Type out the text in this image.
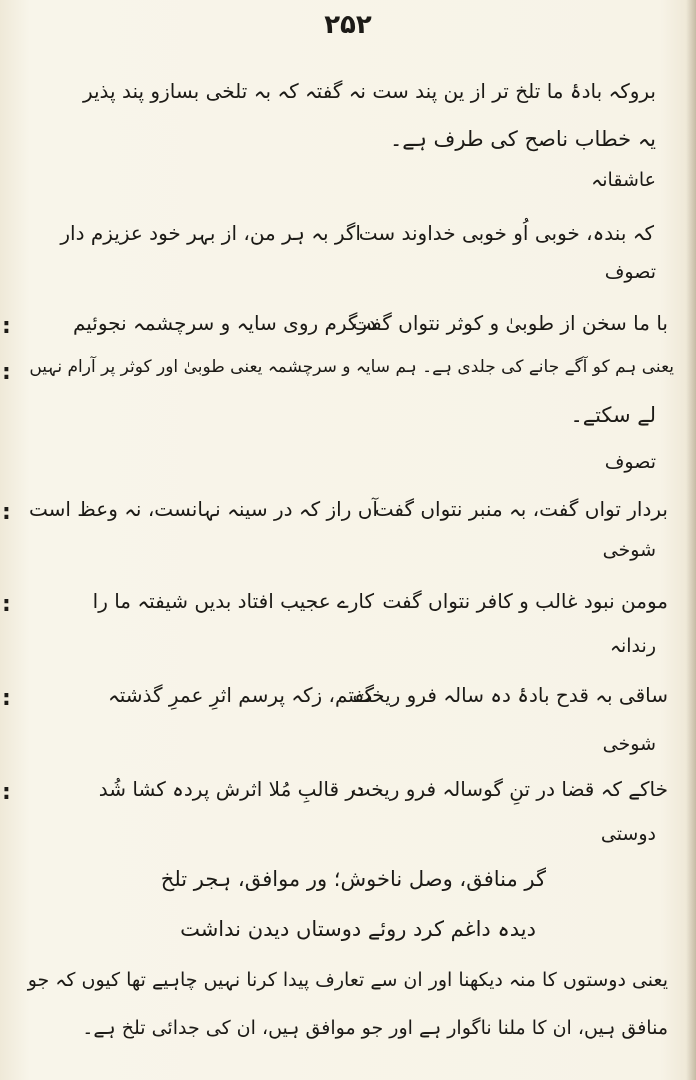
۲۵۲
نہ گفتہ کہ بہ تلخی بسازو پند پذیر بروکہ بادۂ ما تلخ تر از ین پند ست
یہ خطاب ناصح کی طرف ہے۔
عاشقانہ
اگر بہ ہر من، از بہر خود عزیزم دار
کہ بندہ، خوبی اُو خوبی خداوند ست
تصوف
درگرم روی سایہ و سرچشمہ نجوئیم
با ما سخن از طوبیٰ و کوثر نتواں گفت
:
یعنی ہم کو آگے جانے کی جلدی ہے۔ ہم سایہ و سرچشمہ یعنی طوبیٰ اور کوثر پر آرام نہیں
:
لے سکتے۔
تصوف
آں راز کہ در سینہ نہانست، نہ وعظ است
بردار تواں گفت، بہ منبر نتواں گفت
:
شوخی
کارے عجیب افتاد بدیں شیفتہ ما را مومن نبود غالب و کافر نتواں گفت
:
رندانہ
گفتم، زکہ پرسم اثرِ عمرِ گذشتہ
ساقی بہ قدح بادۂ دہ سالہ فرو ریخت
:
شوخی
در قالبِ مُلا اثرش پردہ کشا شُد
خاکے کہ قضا در تنِ گوسالہ فرو ریخت
:
دوستی
گر منافق، وصل ناخوش؛ ور موافق، ہجر تلخ
دیدہ داغم کرد روئے دوستاں دیدن نداشت
یعنی دوستوں کا منہ دیکھنا اور ان سے تعارف پیدا کرنا نہیں چاہیے تھا کیوں کہ جو
منافق ہیں، ان کا ملنا ناگوار ہے اور جو موافق ہیں، ان کی جدائی تلخ ہے۔
